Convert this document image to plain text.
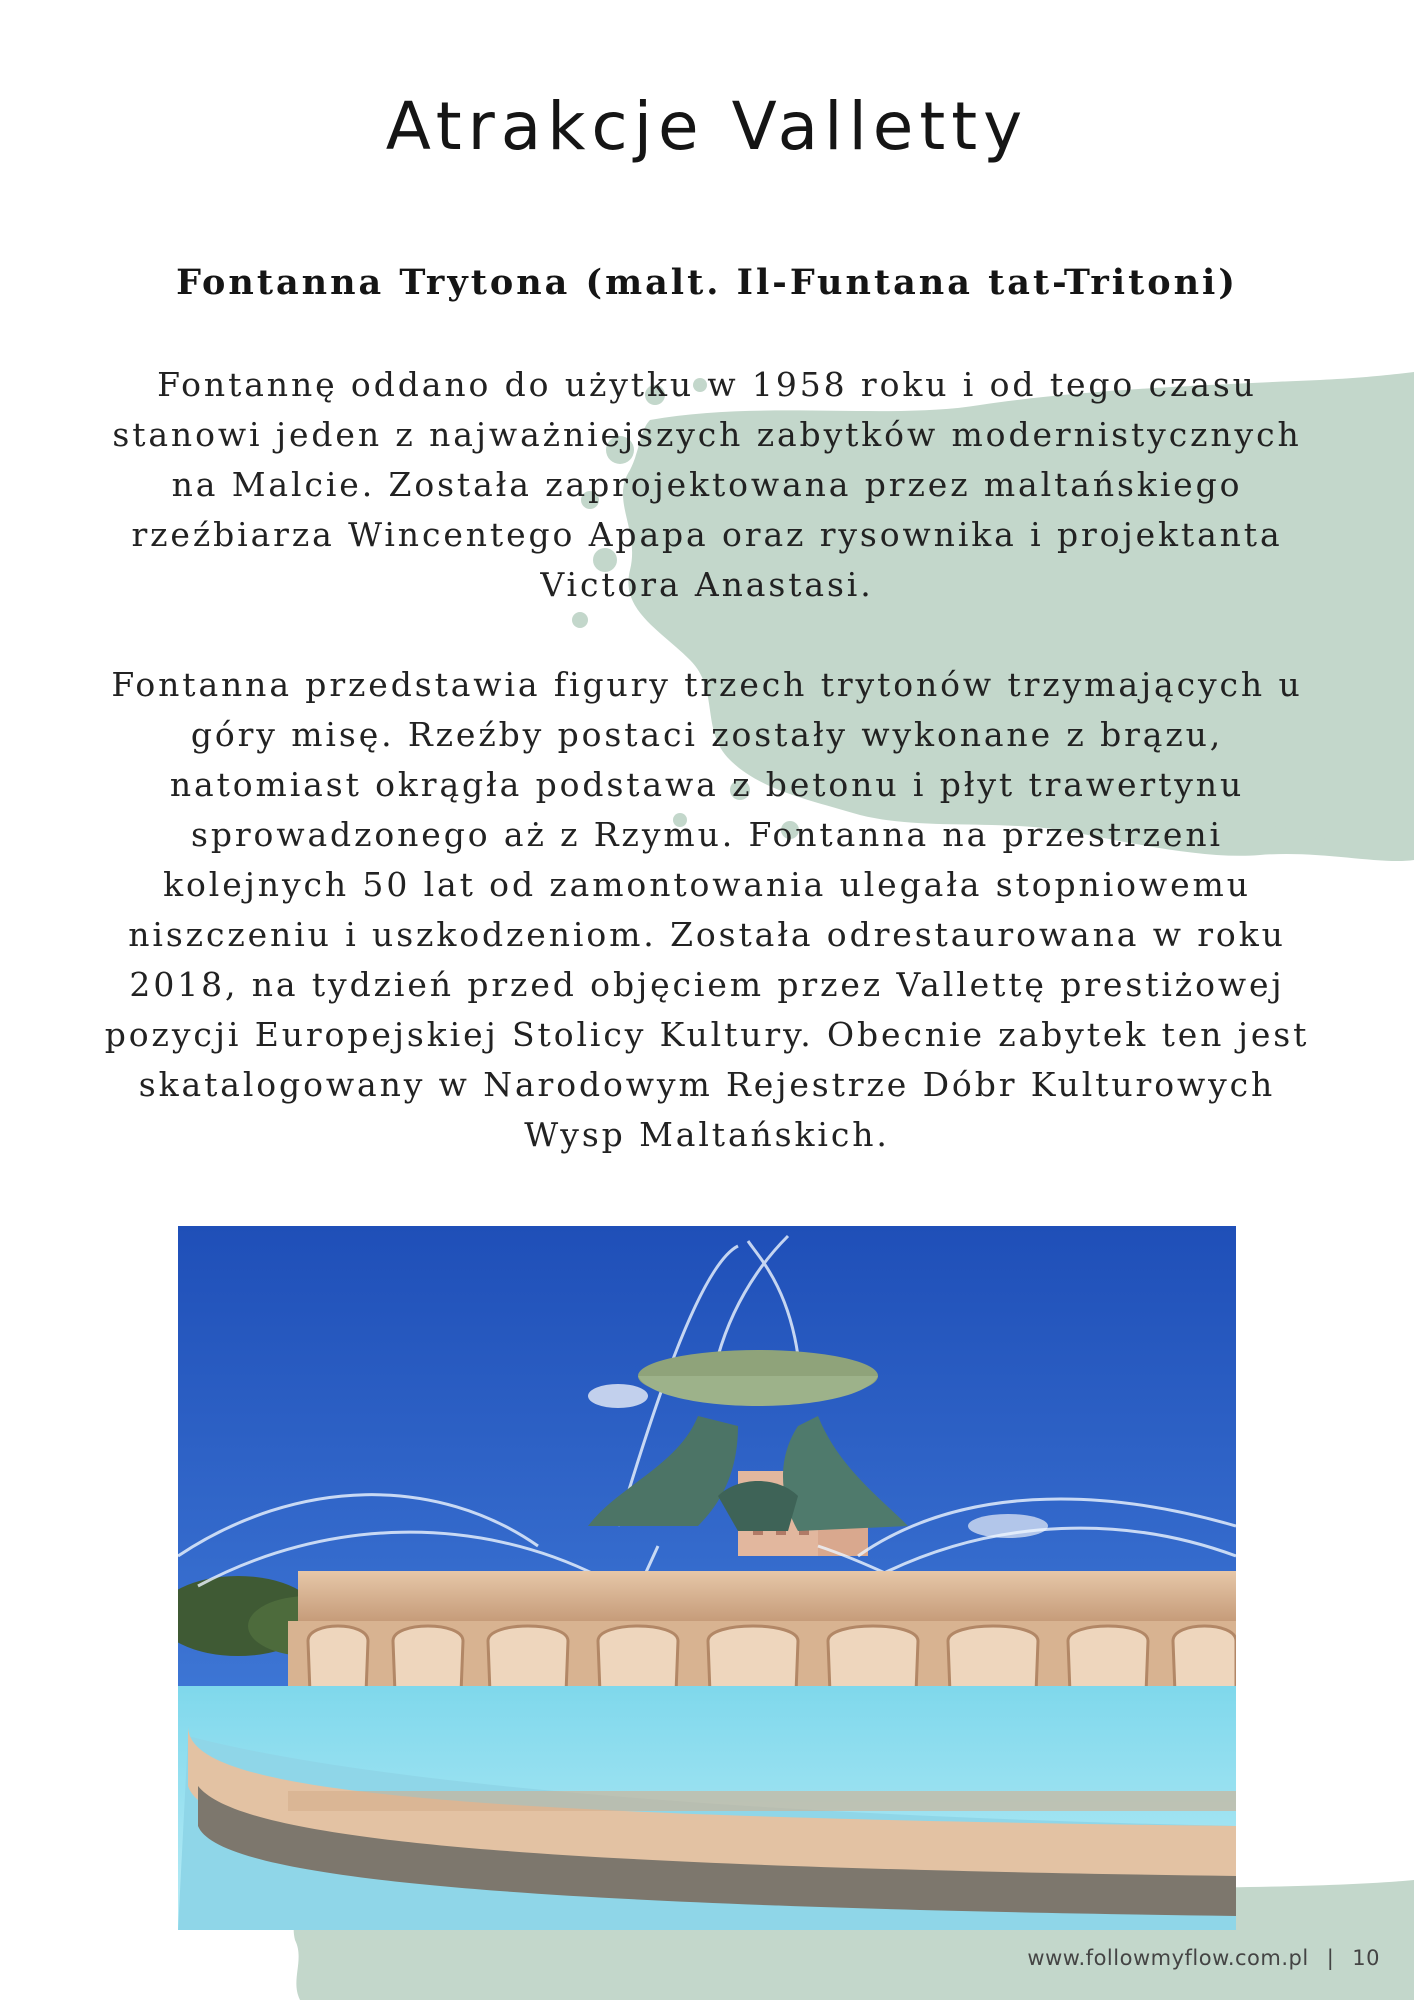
Atrakcje Valletty
Fontanna Trytona (malt. Il-Funtana tat-Tritoni)

Fontannę oddano do użytku w 1958 roku i od tego czasu stanowi jeden z najważniejszych zabytków modernistycznych na Malcie. Została zaprojektowana przez maltańskiego rzeźbiarza Wincentego Apapa oraz rysownika i projektanta Victora Anastasi.

Fontanna przedstawia figury trzech trytonów trzymających u góry misę. Rzeźby postaci zostały wykonane z brązu, natomiast okrągła podstawa z betonu i płyt trawertynu sprowadzonego aż z Rzymu. Fontanna na przestrzeni kolejnych 50 lat od zamontowania ulegała stopniowemu niszczeniu i uszkodzeniom. Została odrestaurowana w roku 2018, na tydzień przed objęciem przez Vallettę prestiżowej pozycji Europejskiej Stolicy Kultury. Obecnie zabytek ten jest skatalogowany w Narodowym Rejestrze Dóbr Kulturowych Wysp Maltańskich.

www.followmyflow.com.pl | 10
